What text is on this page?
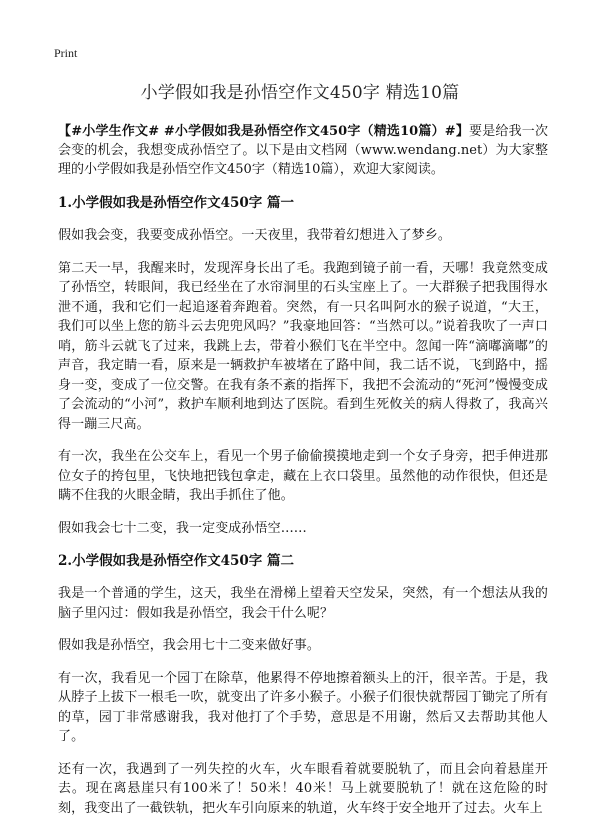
Print
小学假如我是孙悟空作文450字 精选10篇

【#小学生作文# #小学假如我是孙悟空作文450字（精选10篇）#】要是给我一次会变的机会，我想变成孙悟空了。以下是由文档网（www.wendang.net）为大家整理的小学假如我是孙悟空作文450字（精选10篇），欢迎大家阅读。

1.小学假如我是孙悟空作文450字 篇一

假如我会变，我要变成孙悟空。一天夜里，我带着幻想进入了梦乡。

第二天一早，我醒来时，发现浑身长出了毛。我跑到镜子前一看，天哪！我竟然变成了孙悟空，转眼间，我已经坐在了水帘洞里的石头宝座上了。一大群猴子把我围得水泄不通，我和它们一起追逐着奔跑着。突然，有一只名叫阿水的猴子说道，“大王，我们可以坐上您的筋斗云去兜兜风吗？”我豪地回答：“当然可以。”说着我吹了一声口哨，筋斗云就飞了过来，我跳上去，带着小猴们飞在半空中。忽闻一阵“滴嘟滴嘟”的声音，我定睛一看，原来是一辆救护车被堵在了路中间，我二话不说，飞到路中，摇身一变，变成了一位交警。在我有条不紊的指挥下，我把不会流动的“死河”慢慢变成了会流动的“小河”，救护车顺利地到达了医院。看到生死攸关的病人得救了，我高兴得一蹦三尺高。

有一次，我坐在公交车上，看见一个男子偷偷摸摸地走到一个女子身旁，把手伸进那位女子的挎包里，飞快地把钱包拿走，藏在上衣口袋里。虽然他的动作很快，但还是瞒不住我的火眼金睛，我出手抓住了他。

假如我会七十二变，我一定变成孙悟空……

2.小学假如我是孙悟空作文450字 篇二

我是一个普通的学生，这天，我坐在滑梯上望着天空发呆，突然，有一个想法从我的脑子里闪过：假如我是孙悟空，我会干什么呢？

假如我是孙悟空，我会用七十二变来做好事。

有一次，我看见一个园丁在除草，他累得不停地擦着额头上的汗，很辛苦。于是，我从脖子上拔下一根毛一吹，就变出了许多小猴子。小猴子们很快就帮园丁锄完了所有的草，园丁非常感谢我，我对他打了个手势，意思是不用谢，然后又去帮助其他人了。

还有一次，我遇到了一列失控的火车，火车眼看着就要脱轨了，而且会向着悬崖开去。现在离悬崖只有100米了！50米！40米！马上就要脱轨了！就在这危险的时刻，我变出了一截铁轨，把火车引向原来的轨道，火车终于安全地开了过去。火车上
